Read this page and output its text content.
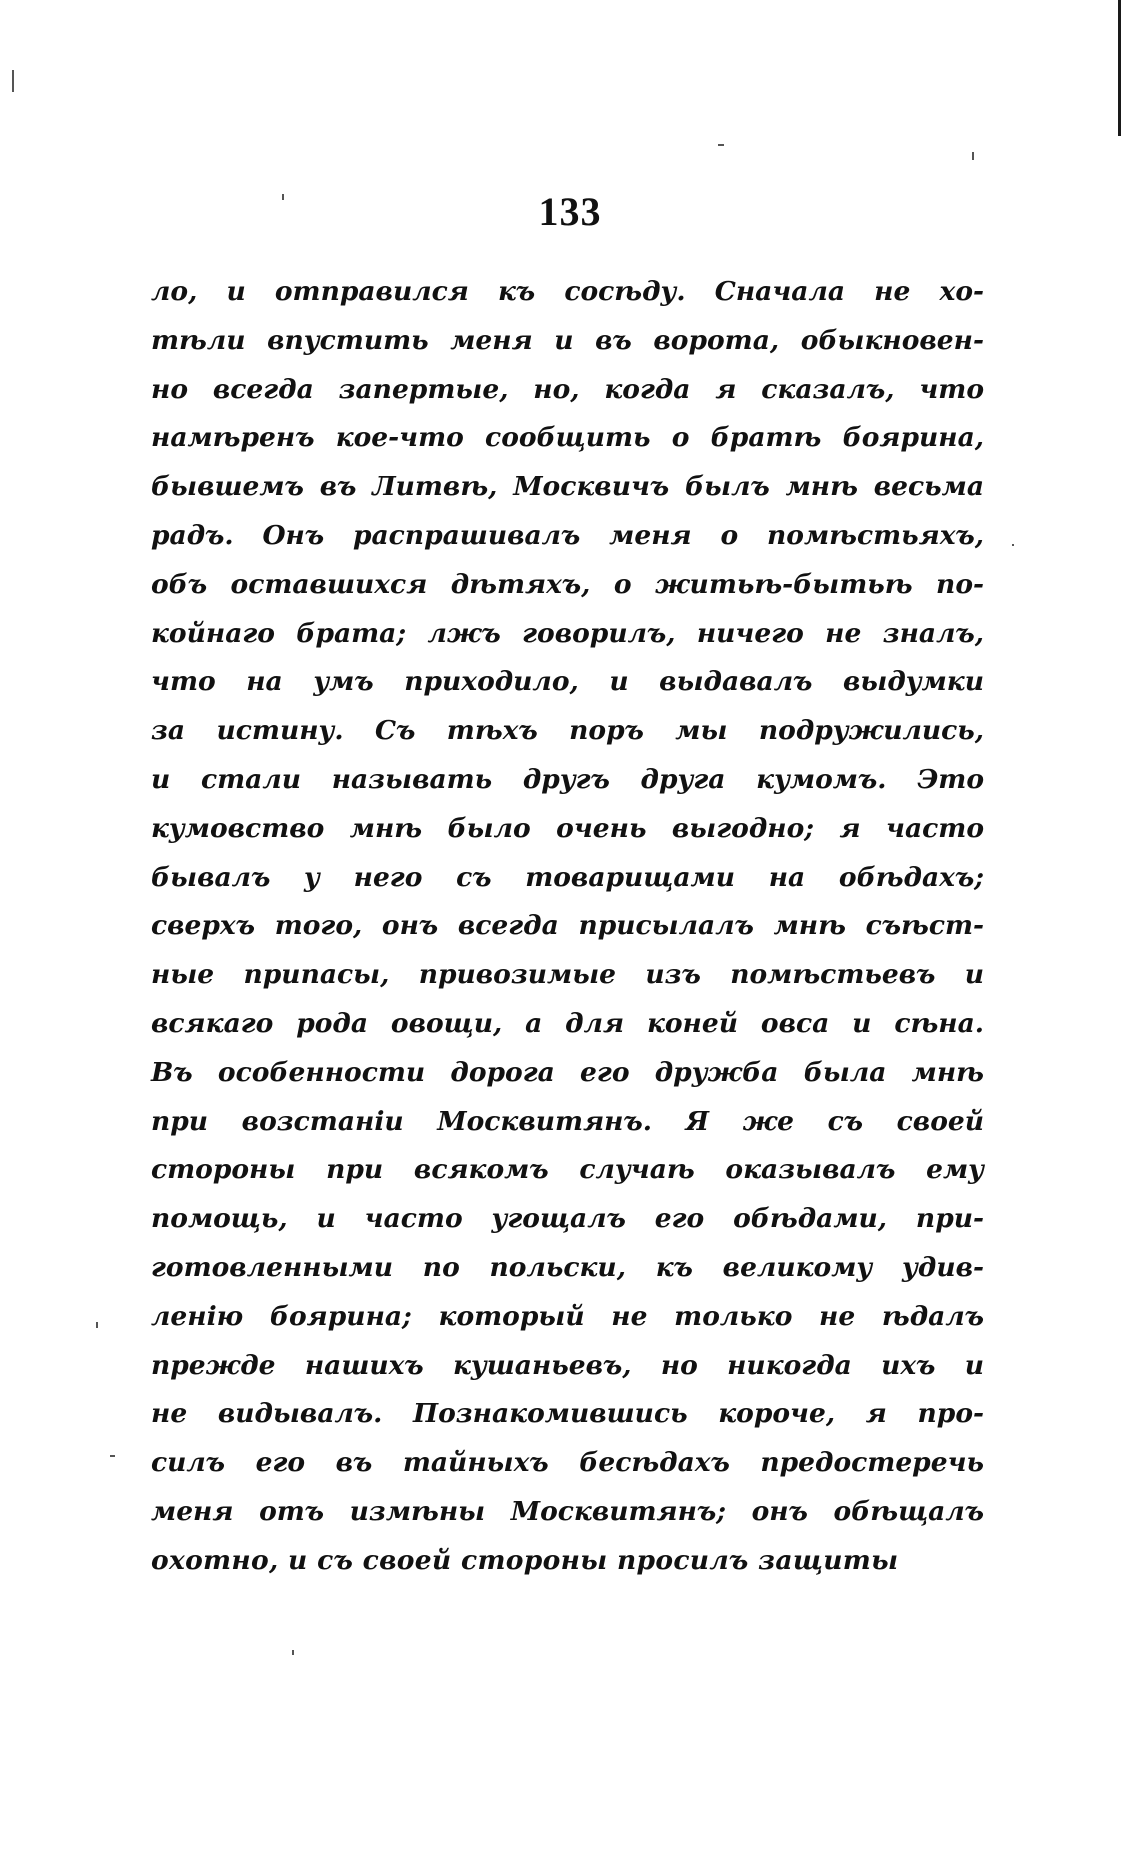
133
ло, и отправился къ сосѣду. Сначала не хо-
тѣли впустить меня и въ ворота, обыкновен-
но всегда запертые, но, когда я сказалъ, что
намѣренъ кое-что сообщить о братѣ боярина,
бывшемъ въ Литвѣ, Москвичъ былъ мнѣ весьма
радъ. Онъ распрашивалъ меня о помѣстьяхъ,
объ оставшихся дѣтяхъ, о житьѣ-бытьѣ по-
койнаго брата; лжъ говорилъ, ничего не зналъ,
что на умъ приходило, и выдавалъ выдумки
за истину. Съ тѣхъ поръ мы подружились,
и стали называть другъ друга кумомъ. Это
кумовство мнѣ было очень выгодно; я часто
бывалъ у него съ товарищами на обѣдахъ;
сверхъ того, онъ всегда присылалъ мнѣ съѣст-
ные припасы, привозимые изъ помѣстьевъ и
всякаго рода овощи, а для коней овса и сѣна.
Въ особенности дорога его дружба была мнѣ
при возстаніи Москвитянъ. Я же съ своей
стороны при всякомъ случаѣ оказывалъ ему
помощь, и часто угощалъ его обѣдами, при-
готовленными по польски, къ великому удив-
ленію боярина; который не только не ѣдалъ
прежде нашихъ кушаньевъ, но никогда ихъ и
не видывалъ. Познакомившись короче, я про-
силъ его въ тайныхъ бесѣдахъ предостеречь
меня отъ измѣны Москвитянъ; онъ обѣщалъ
охотно, и съ своей стороны просилъ защиты
